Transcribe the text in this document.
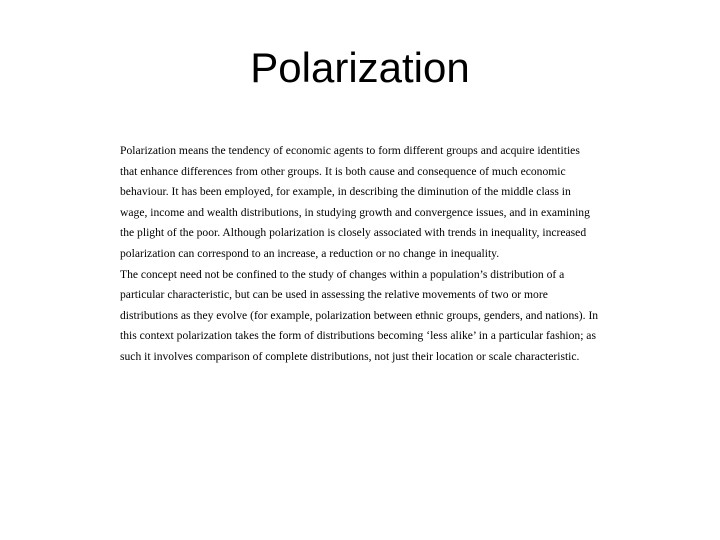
Polarization

Polarization means the tendency of economic agents to form different groups and acquire identities that enhance differences from other groups. It is both cause and consequence of much economic behaviour. It has been employed, for example, in describing the diminution of the middle class in wage, income and wealth distributions, in studying growth and convergence issues, and in examining the plight of the poor. Although polarization is closely associated with trends in inequality, increased polarization can correspond to an increase, a reduction or no change in inequality.

The concept need not be confined to the study of changes within a population’s distribution of a particular characteristic, but can be used in assessing the relative movements of two or more distributions as they evolve (for example, polarization between ethnic groups, genders, and nations). In this context polarization takes the form of distributions becoming ‘less alike’ in a particular fashion; as such it involves comparison of complete distributions, not just their location or scale characteristic.
